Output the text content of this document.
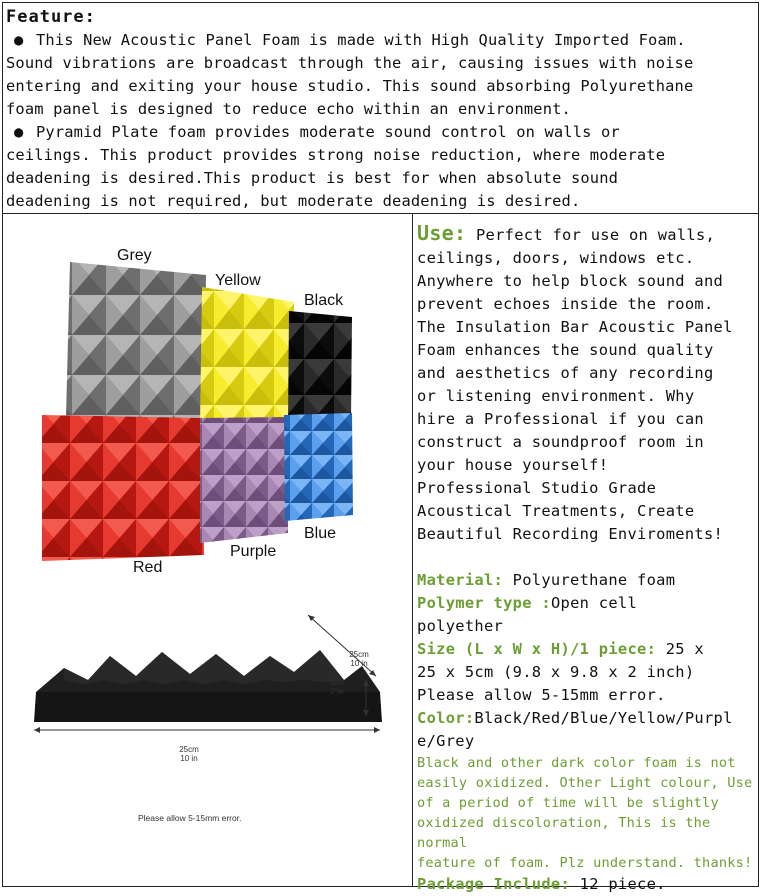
Feature:
● This New Acoustic Panel Foam is made with High Quality Imported Foam.
Sound vibrations are broadcast through the air, causing issues with noise
entering and exiting your house studio. This sound absorbing Polyurethane
foam panel is designed to reduce echo within an environment.
● Pyramid Plate foam provides moderate sound control on walls or
ceilings. This product provides strong noise reduction, where moderate
deadening is desired.This product is best for when absolute sound
deadening is not required, but moderate deadening is desired.
Grey
Yellow
Black
Red
Purple
Blue
25cm
10 in
5cm
2"in
25cm
10 in
Please allow 5-15mm error.
Use: Perfect for use on walls,
ceilings, doors, windows etc.
Anywhere to help block sound and
prevent echoes inside the room.
The Insulation Bar Acoustic Panel
Foam enhances the sound quality
and aesthetics of any recording
or listening environment. Why
hire a Professional if you can
construct a soundproof room in
your house yourself!
Professional Studio Grade
Acoustical Treatments, Create
Beautiful Recording Enviroments!
Material: Polyurethane foam
Polymer type :Open cell
polyether
Size (L x W x H)/1 piece: 25 x
25 x 5cm (9.8 x 9.8 x 2 inch)
Please allow 5-15mm error.
Color:Black/Red/Blue/Yellow/Purpl
e/Grey
Black and other dark color foam is not
easily oxidized. Other Light colour, Use
of a period of time will be slightly
oxidized discoloration, This is the normal
feature of foam. Plz understand. thanks!
Package Include: 12 piece.
